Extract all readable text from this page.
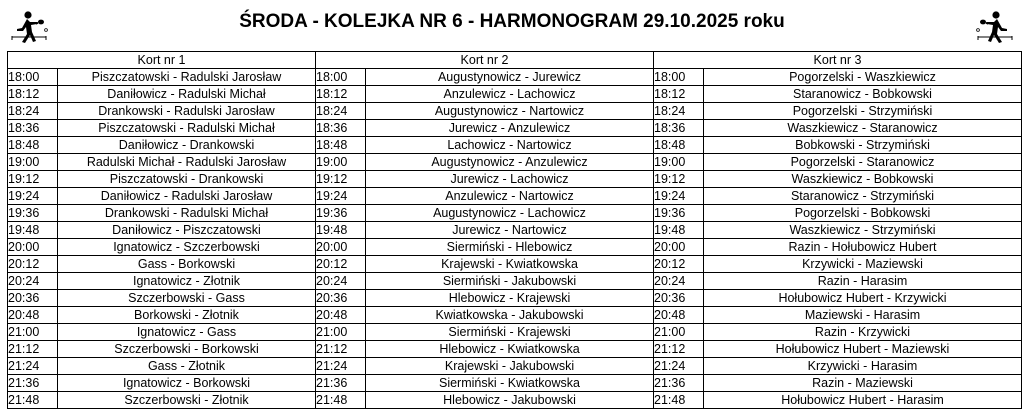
ŚRODA - KOLEJKA NR 6 - HARMONOGRAM 29.10.2025 roku
Kort nr 1		Kort nr 2		Kort nr 3	
18:00	Piszczatowski - Radulski Jarosław	18:00	Augustynowicz - Jurewicz	18:00	Pogorzelski - Waszkiewicz
18:12	Daniłowicz - Radulski Michał	18:12	Anzulewicz - Lachowicz	18:12	Staranowicz - Bobkowski
18:24	Drankowski - Radulski Jarosław	18:24	Augustynowicz - Nartowicz	18:24	Pogorzelski - Strzymiński
18:36	Piszczatowski - Radulski Michał	18:36	Jurewicz - Anzulewicz	18:36	Waszkiewicz - Staranowicz
18:48	Daniłowicz - Drankowski	18:48	Lachowicz - Nartowicz	18:48	Bobkowski - Strzymiński
19:00	Radulski Michał - Radulski Jarosław	19:00	Augustynowicz - Anzulewicz	19:00	Pogorzelski - Staranowicz
19:12	Piszczatowski - Drankowski	19:12	Jurewicz - Lachowicz	19:12	Waszkiewicz - Bobkowski
19:24	Daniłowicz - Radulski Jarosław	19:24	Anzulewicz - Nartowicz	19:24	Staranowicz - Strzymiński
19:36	Drankowski - Radulski Michał	19:36	Augustynowicz - Lachowicz	19:36	Pogorzelski - Bobkowski
19:48	Daniłowicz - Piszczatowski	19:48	Jurewicz - Nartowicz	19:48	Waszkiewicz - Strzymiński
20:00	Ignatowicz - Szczerbowski	20:00	Siermiński - Hlebowicz	20:00	Razin - Hołubowicz Hubert
20:12	Gass - Borkowski	20:12	Krajewski - Kwiatkowska	20:12	Krzywicki - Maziewski
20:24	Ignatowicz - Złotnik	20:24	Siermiński - Jakubowski	20:24	Razin - Harasim
20:36	Szczerbowski - Gass	20:36	Hlebowicz - Krajewski	20:36	Hołubowicz Hubert - Krzywicki
20:48	Borkowski - Złotnik	20:48	Kwiatkowska - Jakubowski	20:48	Maziewski - Harasim
21:00	Ignatowicz - Gass	21:00	Siermiński - Krajewski	21:00	Razin - Krzywicki
21:12	Szczerbowski - Borkowski	21:12	Hlebowicz - Kwiatkowska	21:12	Hołubowicz Hubert - Maziewski
21:24	Gass - Złotnik	21:24	Krajewski - Jakubowski	21:24	Krzywicki - Harasim
21:36	Ignatowicz - Borkowski	21:36	Siermiński - Kwiatkowska	21:36	Razin - Maziewski
21:48	Szczerbowski - Złotnik	21:48	Hlebowicz - Jakubowski	21:48	Hołubowicz Hubert - Harasim
